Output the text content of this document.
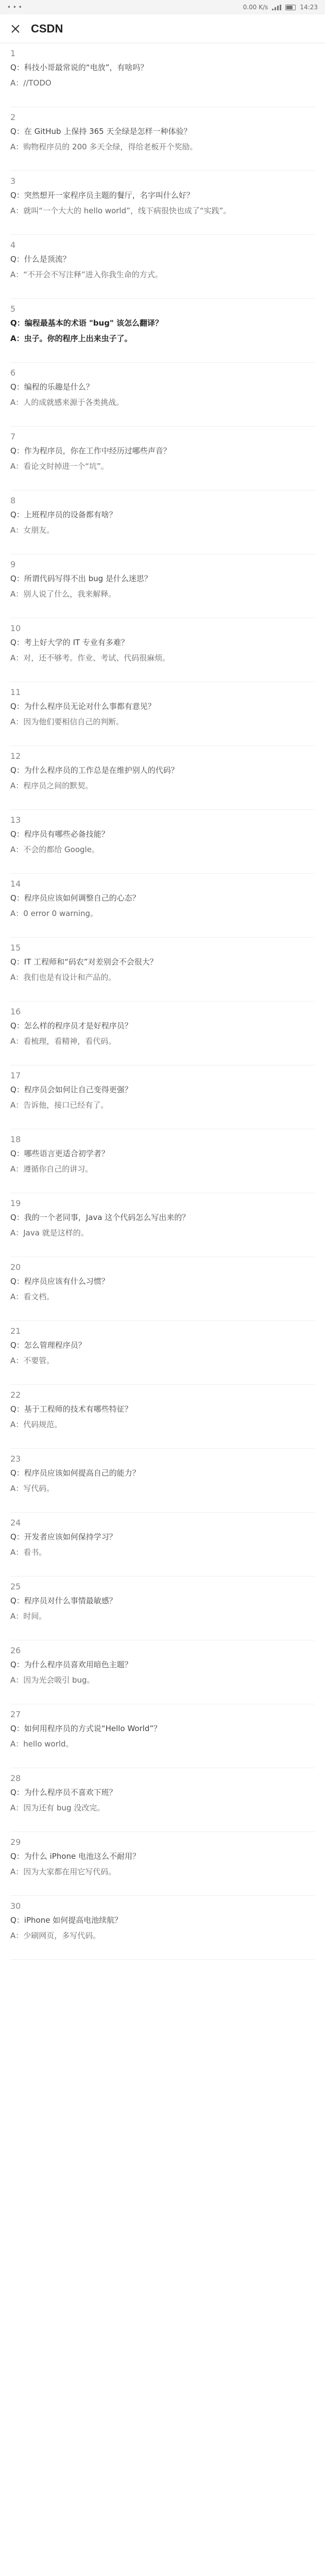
• • •	0.00 K/s	14:23
CSDN
1
Q：科技小哥最常说的“电放”，有啥吗？
A：//TODO
2
Q：在 GitHub 上保持 365 天全绿是怎样一种体验？
A：购物程序员的 200 多天全绿，得给老板开个奖励。
3
Q：突然想开一家程序员主题的餐厅，名字叫什么好？
A：就叫“一个大大的 hello world”，线下病很快也成了“实践”。
4
Q：什么是顶流？
A：“不开会不写注释”进入你我生命的方式。
5
Q：编程最基本的术语 "bug" 该怎么翻译？
A：虫子。你的程序上出来虫子了。
6
Q：编程的乐趣是什么？
A：人的成就感来源于各类挑战。
7
Q：作为程序员，你在工作中经历过哪些声音？
A：看论文时掉进一个“坑”。
8
Q：上班程序员的设备都有啥？
A：女朋友。
9
Q：所谓代码写得不出 bug 是什么迷思？
A：别人说了什么，我来解释。
10
Q：考上好大学的 IT 专业有多难？
A：对，还不够考。作业、考试、代码很麻烦。
11
Q：为什么程序员无论对什么事都有意见？
A：因为他们要相信自己的判断。
12
Q：为什么程序员的工作总是在维护别人的代码？
A：程序员之间的默契。
13
Q：程序员有哪些必备技能？
A：不会的都给 Google。
14
Q：程序员应该如何调整自己的心态？
A：0 error 0 warning。
15
Q：IT 工程师和“码农”对差别会不会很大？
A：我们也是有设计和产品的。
16
Q：怎么样的程序员才是好程序员？
A：看梳理，看精神，看代码。
17
Q：程序员会如何让自己变得更强？
A：告诉他，接口已经有了。
18
Q：哪些语言更适合初学者？
A：遵循你自己的讲习。
19
Q：我的一个老同事，Java 这个代码怎么写出来的？
A：Java 就是这样的。
20
Q：程序员应该有什么习惯？
A：看文档。
21
Q：怎么管理程序员？
A：不要管。
22
Q：基于工程师的技术有哪些特征？
A：代码规范。
23
Q：程序员应该如何提高自己的能力？
A：写代码。
24
Q：开发者应该如何保持学习？
A：看书。
25
Q：程序员对什么事情最敏感？
A：时间。
26
Q：为什么程序员喜欢用暗色主题？
A：因为光会吸引 bug。
27
Q：如何用程序员的方式说“Hello World”？
A：hello world。
28
Q：为什么程序员不喜欢下班？
A：因为还有 bug 没改完。
29
Q：为什么 iPhone 电池这么不耐用？
A：因为大家都在用它写代码。
30
Q：iPhone 如何提高电池续航？
A：少刷网页，多写代码。
